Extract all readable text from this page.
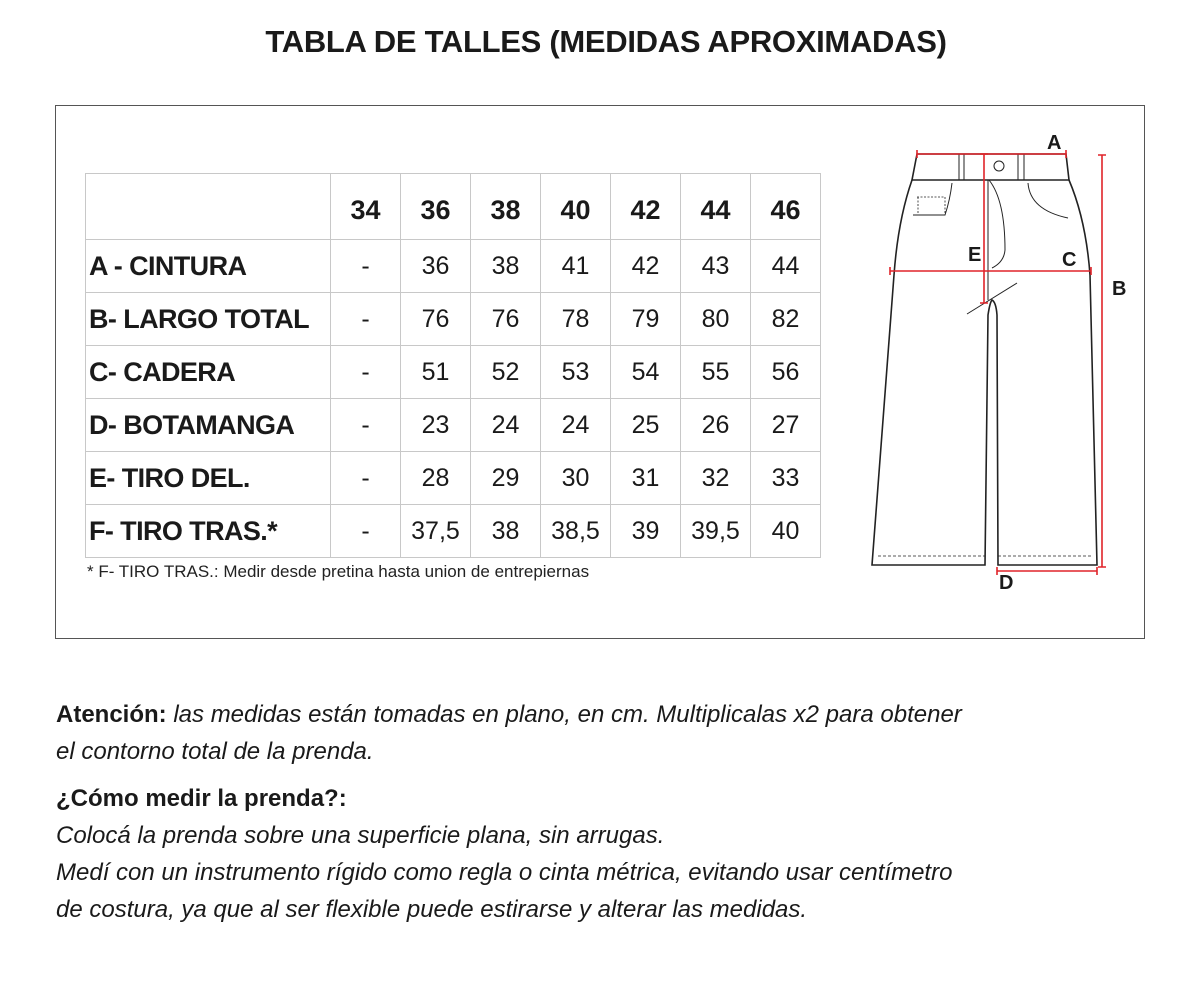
TABLA DE TALLES (MEDIDAS APROXIMADAS)
	34	36	38	40	42	44	46
A - CINTURA	-	36	38	41	42	43	44
B- LARGO TOTAL	-	76	76	78	79	80	82
C- CADERA	-	51	52	53	54	55	56
D- BOTAMANGA	-	23	24	24	25	26	27
E- TIRO DEL.	-	28	29	30	31	32	33
F- TIRO TRAS.*	-	37,5	38	38,5	39	39,5	40
* F- TIRO TRAS.: Medir desde pretina hasta union de entrepiernas
A
E	C
B
D
Atención: las medidas están tomadas en plano, en cm. Multiplicalas x2 para obtener
el contorno total de la prenda.
¿Cómo medir la prenda?:
Colocá la prenda sobre una superficie plana, sin arrugas.
Medí con un instrumento rígido como regla o cinta métrica, evitando usar centímetro
de costura, ya que al ser flexible puede estirarse y alterar las medidas.
